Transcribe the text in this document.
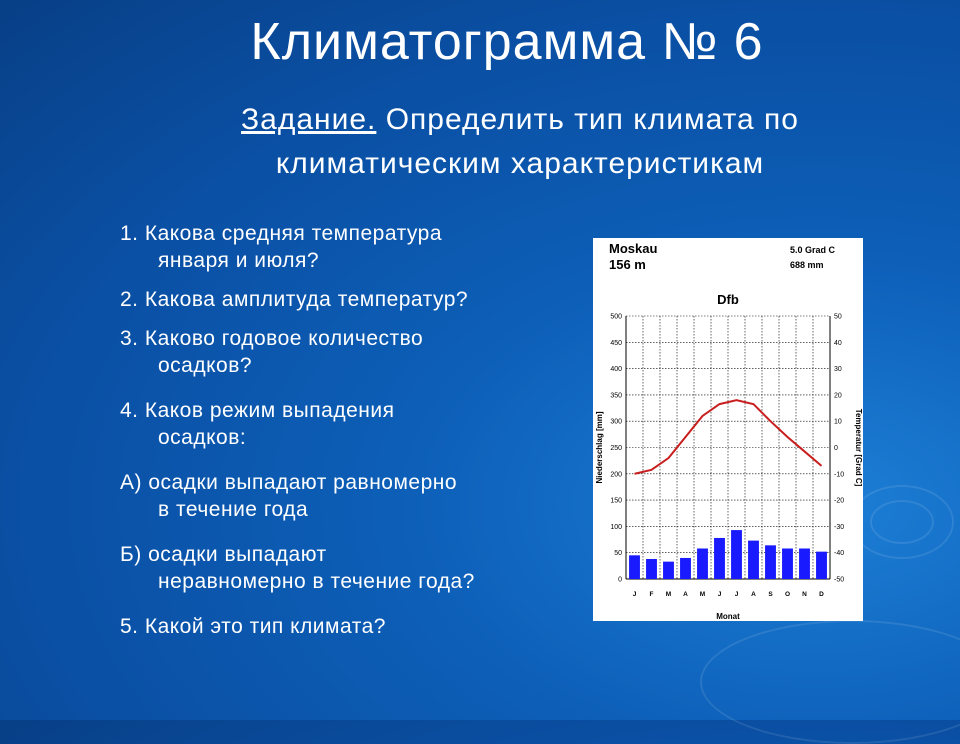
Климатограмма № 6
Задание. Определить тип климата по
климатическим характеристикам
1. Какова средняя температура
января и июля?
2. Какова амплитуда температур?
3. Каково годовое количество
осадков?
4. Каков режим выпадения
осадков:
А) осадки выпадают равномерно
в течение года
Б) осадки выпадают
неравномерно в течение года?
5. Какой это тип климата?
Moskau
156 m
5.0 Grad C
688 mm
Dfb
0	-50
50	-40
100	-30
150	-20
200	-10
250	0
300	10
350	20
400	30
450	40
500	50
J F M A M J J A S O N D
Monat
Niederschlag [mm]	Temperatur [Grad C]
